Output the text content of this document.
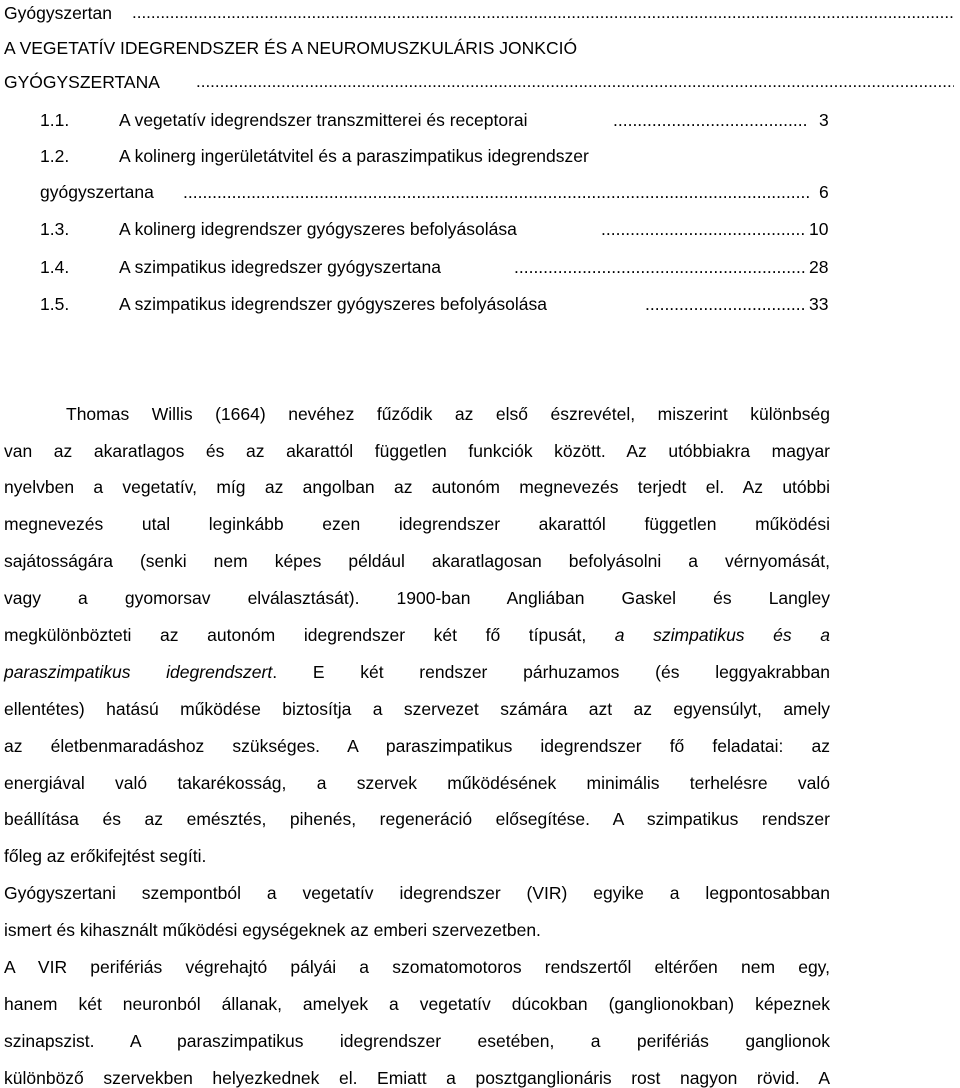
Gyógyszertan
.....
A VEGETATÍV IDEGRENDSZER ÉS A NEUROMUSZKULÁRIS JONKCIÓ
GYÓGYSZERTANA
.....
1.1.	A vegetatív idegrendszer transzmitterei és receptorai .....	3
1.2.	A kolinerg ingerületátvitel és a paraszimpatikus idegrendszer
gyógyszertana .....	6
1.3.	A kolinerg idegrendszer gyógyszeres befolyásolása .....	10
1.4.	A szimpatikus idegredszer gyógyszertana .....	28
1.5.	A szimpatikus idegrendszer gyógyszeres befolyásolása .....	33
Thomas Willis (1664) nevéhez fűződik az első észrevétel, miszerint különbség
van az akaratlagos és az akarattól független funkciók között. Az utóbbiakra magyar
nyelvben a vegetatív, míg az angolban az autonóm megnevezés terjedt el. Az utóbbi
megnevezés utal leginkább ezen idegrendszer akarattól független működési
sajátosságára (senki nem képes például akaratlagosan befolyásolni a vérnyomását,
vagy a gyomorsav elválasztását). 1900-ban Angliában Gaskel és Langley
megkülönbözteti az autonóm idegrendszer két fő típusát, a szimpatikus és a
paraszimpatikus idegrendszert. E két rendszer párhuzamos (és leggyakrabban
ellentétes) hatású működése biztosítja a szervezet számára azt az egyensúlyt, amely
az életbenmaradáshoz szükséges. A paraszimpatikus idegrendszer fő feladatai: az
energiával való takarékosság, a szervek működésének minimális terhelésre való
beállítása és az emésztés, pihenés, regeneráció elősegítése. A szimpatikus rendszer
főleg az erőkifejtést segíti.
Gyógyszertani szempontból a vegetatív idegrendszer (VIR) egyike a legpontosabban
ismert és kihasznált működési egységeknek az emberi szervezetben.
A VIR perifériás végrehajtó pályái a szomatomotoros rendszertől eltérően nem egy,
hanem két neuronból állanak, amelyek a vegetatív dúcokban (ganglionokban) képeznek
szinapszist. A paraszimpatikus idegrendszer esetében, a perifériás ganglionok
különböző szervekben helyezkednek el. Emiatt a posztganglionáris rost nagyon rövid. A
